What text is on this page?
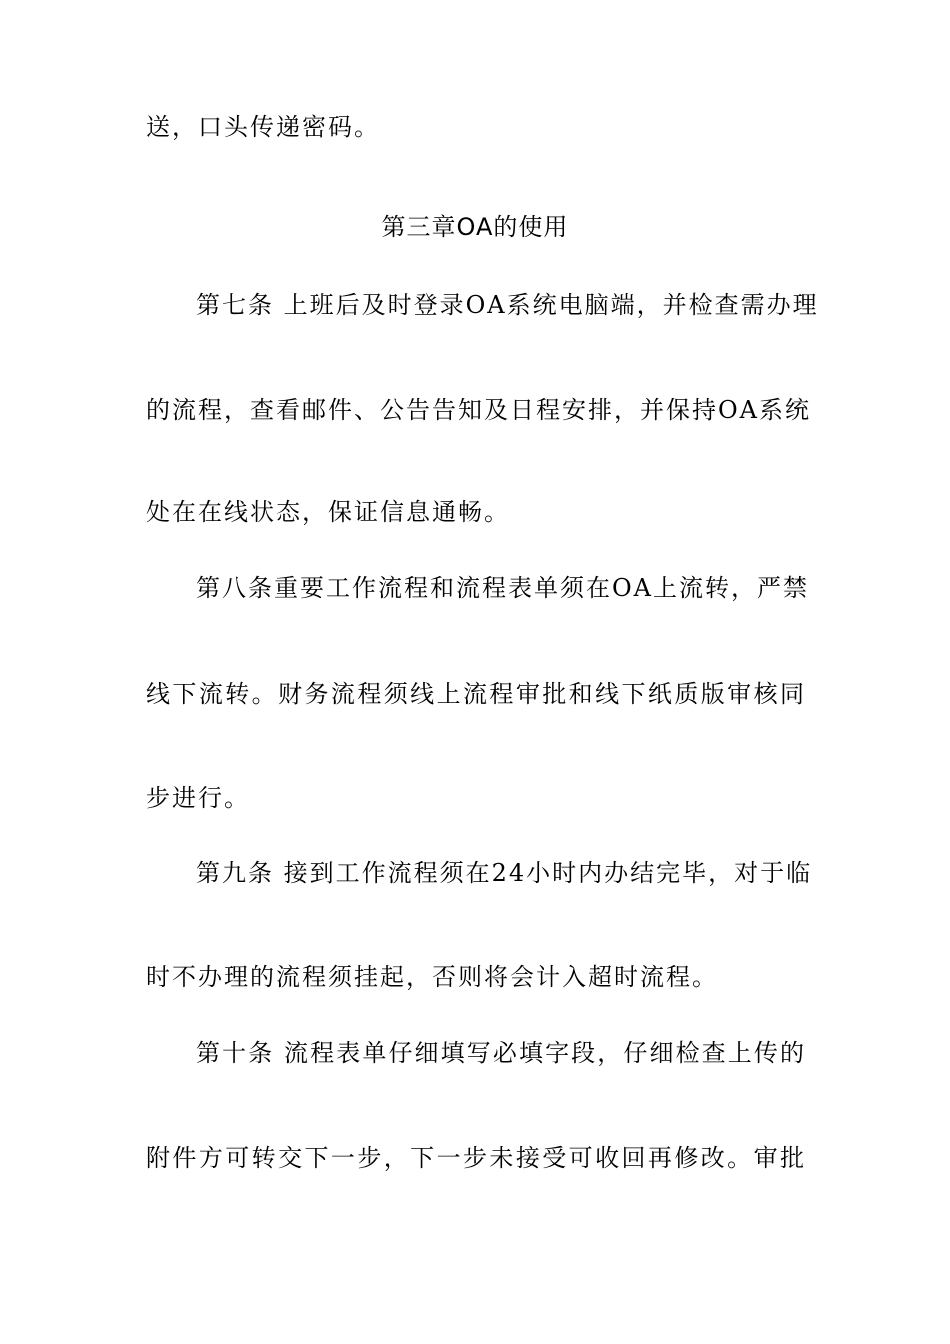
送，口头传递密码。
第三章OA的使用
第七条 上班后及时登录OA系统电脑端，并检查需办理
的流程，查看邮件、公告告知及日程安排，并保持OA系统
处在在线状态，保证信息通畅。
第八条重要工作流程和流程表单须在OA上流转，严禁
线下流转。财务流程须线上流程审批和线下纸质版审核同
步进行。
第九条 接到工作流程须在24小时内办结完毕，对于临
时不办理的流程须挂起，否则将会计入超时流程。
第十条 流程表单仔细填写必填字段，仔细检查上传的
附件方可转交下一步，下一步未接受可收回再修改。审批
